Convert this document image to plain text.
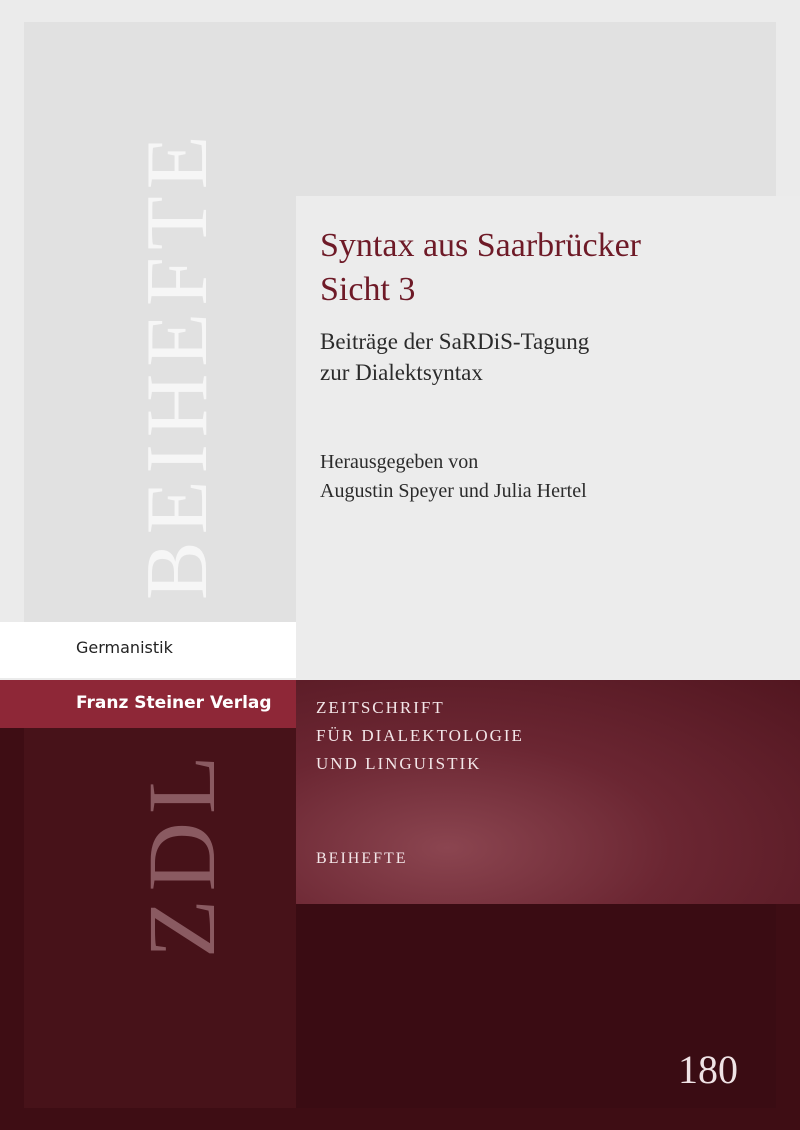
BEIHEFTE	Syntax aus Saarbrücker
Sicht 3

Beiträge der SaRDiS-Tagung
zur Dialektsyntax

Herausgegeben von
Augustin Speyer und Julia Hertel

Germanistik
Franz Steiner Verlag	ZEITSCHRIFT
FÜR DIALEKTOLOGIE
UND LINGUISTIK

BEIHEFTE
ZDL
180
